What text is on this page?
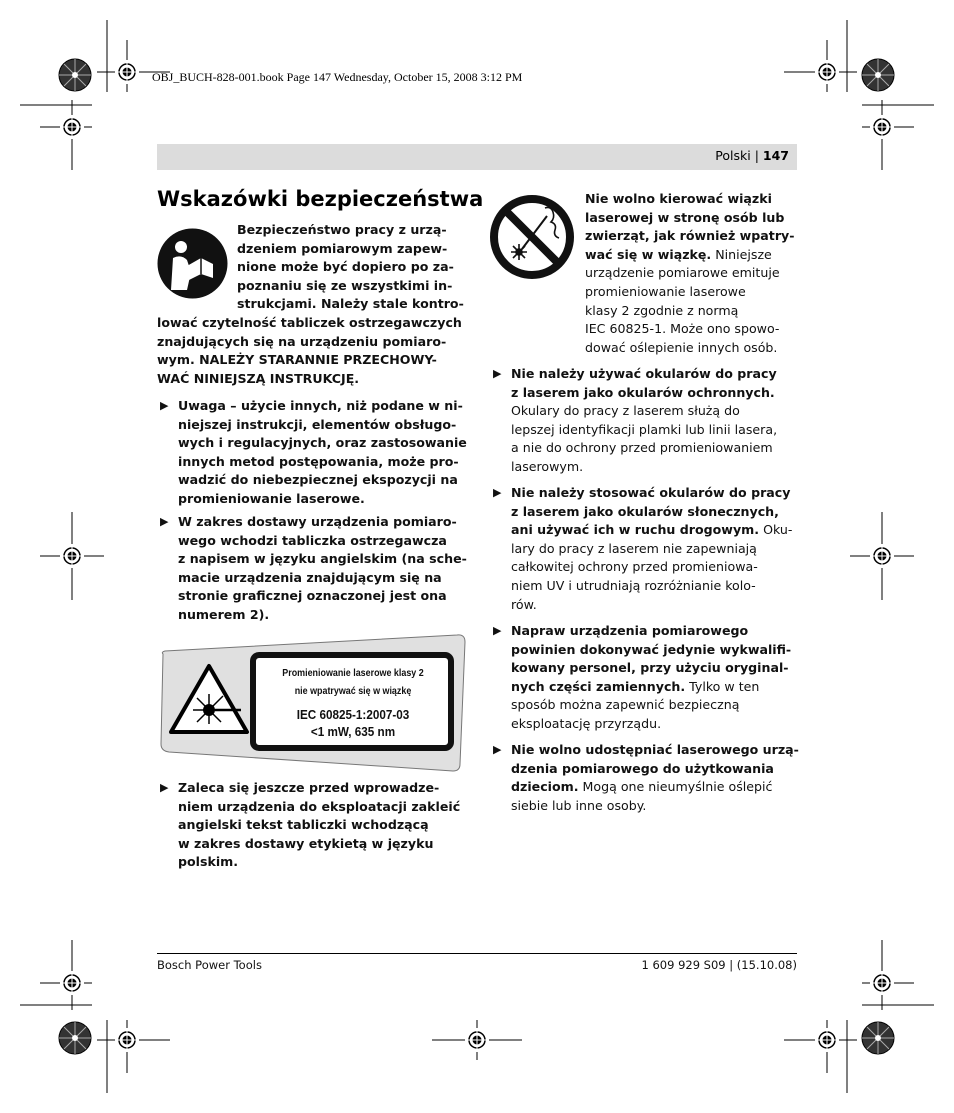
OBJ_BUCH-828-001.book Page 147 Wednesday, October 15, 2008 3:12 PM
Polski | 147
Wskazówki bezpieczeństwa
Bezpieczeństwo pracy z urzą-
dzeniem pomiarowym zapew-
nione może być dopiero po za-
poznaniu się ze wszystkimi in-
strukcjami. Należy stale kontro-
lować czytelność tabliczek ostrzegawczych
znajdujących się na urządzeniu pomiaro-
wym. NALEŻY STARANNIE PRZECHOWY-
WAĆ NINIEJSZĄ INSTRUKCJĘ.
▶ Uwaga – użycie innych, niż podane w ni-
niejszej instrukcji, elementów obsługo-
wych i regulacyjnych, oraz zastosowanie
innych metod postępowania, może pro-
wadzić do niebezpiecznej ekspozycji na
promieniowanie laserowe.
▶ W zakres dostawy urządzenia pomiaro-
wego wchodzi tabliczka ostrzegawcza
z napisem w języku angielskim (na sche-
macie urządzenia znajdującym się na
stronie graficznej oznaczonej jest ona
numerem 2).
Promieniowanie laserowe klasy 2
nie wpatrywać się w wiązkę
IEC 60825-1:2007-03
<1 mW, 635 nm
▶ Zaleca się jeszcze przed wprowadze-
niem urządzenia do eksploatacji zakleić
angielski tekst tabliczki wchodzącą
w zakres dostawy etykietą w języku
polskim.
Nie wolno kierować wiązki
laserowej w stronę osób lub
zwierząt, jak również wpatry-
wać się w wiązkę. Niniejsze
urządzenie pomiarowe emituje
promieniowanie laserowe
klasy 2 zgodnie z normą
IEC 60825-1. Może ono spowo-
dować oślepienie innych osób.
▶ Nie należy używać okularów do pracy
z laserem jako okularów ochronnych.
Okulary do pracy z laserem służą do
lepszej identyfikacji plamki lub linii lasera,
a nie do ochrony przed promieniowaniem
laserowym.
▶ Nie należy stosować okularów do pracy
z laserem jako okularów słonecznych,
ani używać ich w ruchu drogowym. Oku-
lary do pracy z laserem nie zapewniają
całkowitej ochrony przed promieniowa-
niem UV i utrudniają rozróżnianie kolo-
rów.
▶ Napraw urządzenia pomiarowego
powinien dokonywać jedynie wykwalifi-
kowany personel, przy użyciu oryginal-
nych części zamiennych. Tylko w ten
sposób można zapewnić bezpieczną
eksploatację przyrządu.
▶ Nie wolno udostępniać laserowego urzą-
dzenia pomiarowego do użytkowania
dzieciom. Mogą one nieumyślnie oślepić
siebie lub inne osoby.
Bosch Power Tools	1 609 929 S09 | (15.10.08)
